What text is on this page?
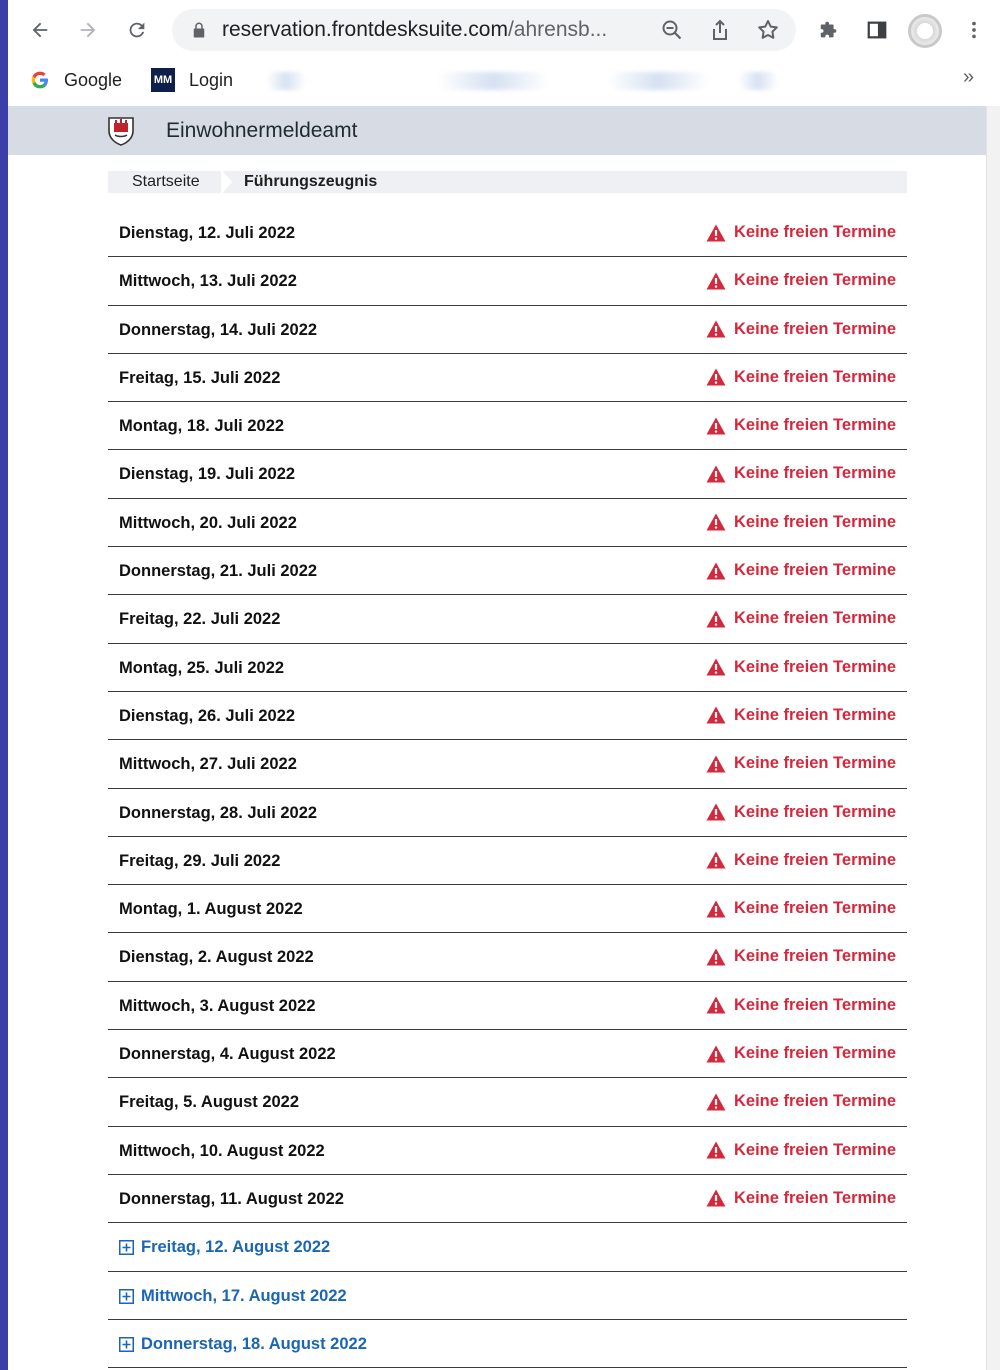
reservation.frontdesksuite.com/ahrensb...
Google	MM Login	»
Einwohnermeldeamt
Startseite	Führungszeugnis
Dienstag, 12. Juli 2022	Keine freien Termine
Mittwoch, 13. Juli 2022	Keine freien Termine
Donnerstag, 14. Juli 2022	Keine freien Termine
Freitag, 15. Juli 2022	Keine freien Termine
Montag, 18. Juli 2022	Keine freien Termine
Dienstag, 19. Juli 2022	Keine freien Termine
Mittwoch, 20. Juli 2022	Keine freien Termine
Donnerstag, 21. Juli 2022	Keine freien Termine
Freitag, 22. Juli 2022	Keine freien Termine
Montag, 25. Juli 2022	Keine freien Termine
Dienstag, 26. Juli 2022	Keine freien Termine
Mittwoch, 27. Juli 2022	Keine freien Termine
Donnerstag, 28. Juli 2022	Keine freien Termine
Freitag, 29. Juli 2022	Keine freien Termine
Montag, 1. August 2022	Keine freien Termine
Dienstag, 2. August 2022	Keine freien Termine
Mittwoch, 3. August 2022	Keine freien Termine
Donnerstag, 4. August 2022	Keine freien Termine
Freitag, 5. August 2022	Keine freien Termine
Mittwoch, 10. August 2022	Keine freien Termine
Donnerstag, 11. August 2022	Keine freien Termine
Freitag, 12. August 2022
Mittwoch, 17. August 2022
Donnerstag, 18. August 2022
